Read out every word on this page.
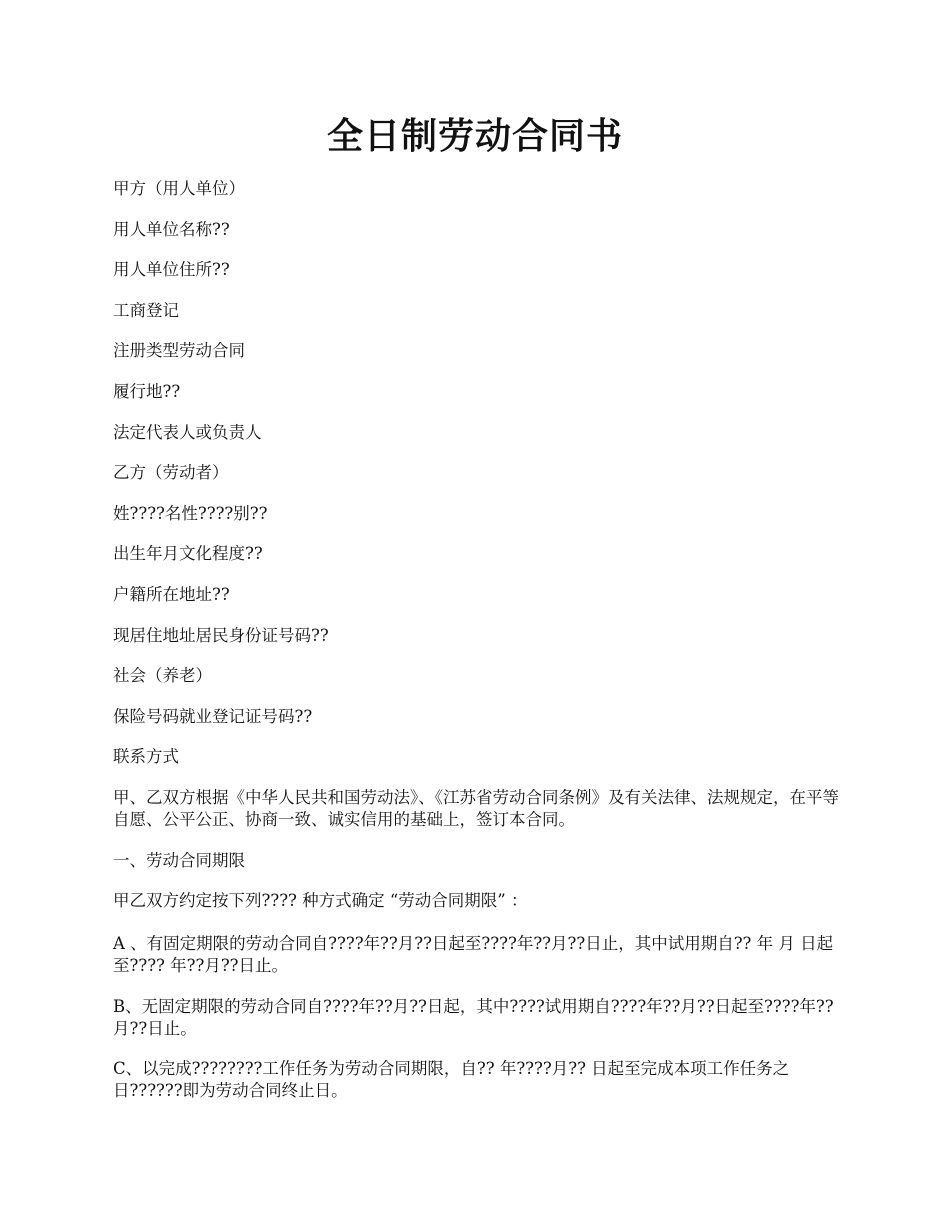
全日制劳动合同书
甲方（用人单位）
用人单位名称??
用人单位住所??
工商登记
注册类型劳动合同
履行地??
法定代表人或负责人
乙方（劳动者）
姓????名性????别??
出生年月文化程度??
户籍所在地址??
现居住地址居民身份证号码??
社会（养老）
保险号码就业登记证号码??
联系方式
甲、乙双方根据《中华人民共和国劳动法》、《江苏省劳动合同条例》及有关法律、法规规定，在平等自愿、公平公正、协商一致、诚实信用的基础上，签订本合同。
一、劳动合同期限
甲乙双方约定按下列???? 种方式确定 “劳动合同期限” ：
A 、有固定期限的劳动合同自????年??月??日起至????年??月??日止，其中试用期自?? 年 月 日起至???? 年??月??日止。
B、无固定期限的劳动合同自????年??月??日起，其中????试用期自????年??月??日起至????年??月??日止。
C、以完成????????工作任务为劳动合同期限，自?? 年????月?? 日起至完成本项工作任务之日??????即为劳动合同终止日。
